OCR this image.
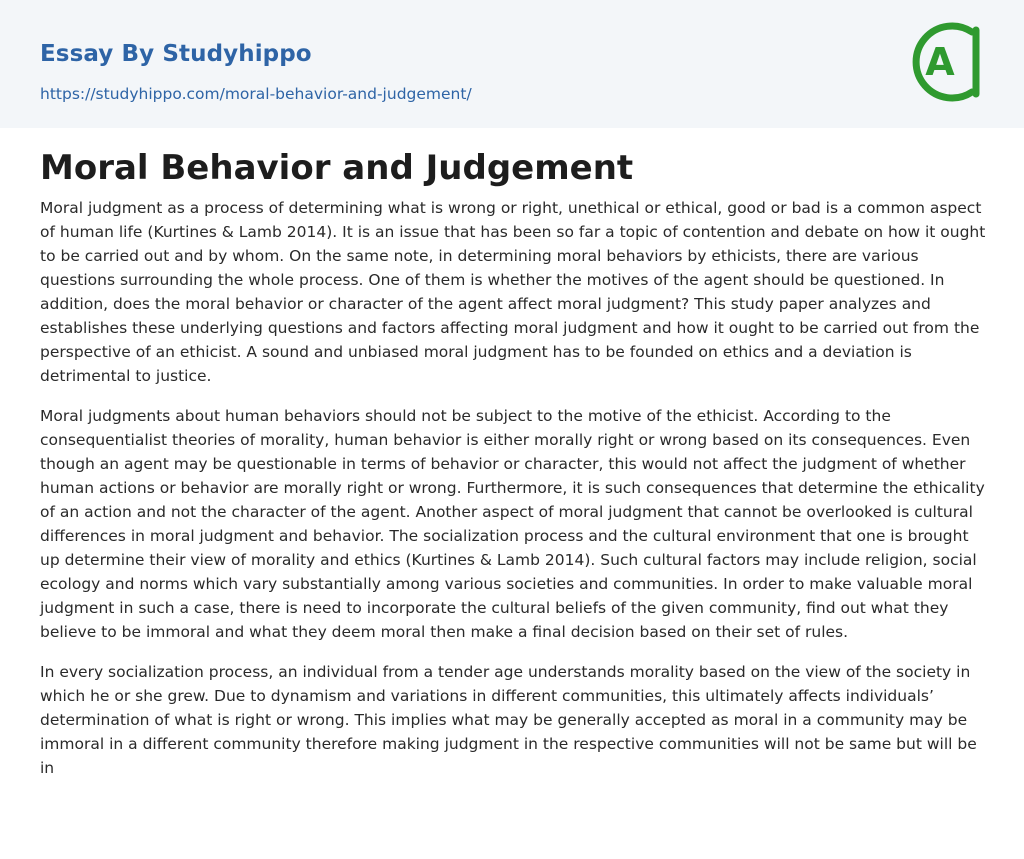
Essay By Studyhippo
https://studyhippo.com/moral-behavior-and-judgement/
A
Moral Behavior and Judgement

Moral judgment as a process of determining what is wrong or right, unethical or ethical, good or bad is a common aspect of human life (Kurtines & Lamb 2014). It is an issue that has been so far a topic of contention and debate on how it ought to be carried out and by whom. On the same note, in determining moral behaviors by ethicists, there are various questions surrounding the whole process. One of them is whether the motives of the agent should be questioned. In addition, does the moral behavior or character of the agent affect moral judgment? This study paper analyzes and establishes these underlying questions and factors affecting moral judgment and how it ought to be carried out from the perspective of an ethicist. A sound and unbiased moral judgment has to be founded on ethics and a deviation is detrimental to justice.

Moral judgments about human behaviors should not be subject to the motive of the ethicist. According to the consequentialist theories of morality, human behavior is either morally right or wrong based on its consequences. Even though an agent may be questionable in terms of behavior or character, this would not affect the judgment of whether human actions or behavior are morally right or wrong. Furthermore, it is such consequences that determine the ethicality of an action and not the character of the agent. Another aspect of moral judgment that cannot be overlooked is cultural differences in moral judgment and behavior. The socialization process and the cultural environment that one is brought up determine their view of morality and ethics (Kurtines & Lamb 2014). Such cultural factors may include religion, social ecology and norms which vary substantially among various societies and communities. In order to make valuable moral judgment in such a case, there is need to incorporate the cultural beliefs of the given community, find out what they believe to be immoral and what they deem moral then make a final decision based on their set of rules.

In every socialization process, an individual from a tender age understands morality based on the view of the society in which he or she grew. Due to dynamism and variations in different communities, this ultimately affects individuals’ determination of what is right or wrong. This implies what may be generally accepted as moral in a community may be immoral in a different community therefore making judgment in the respective communities will not be same but will be in
